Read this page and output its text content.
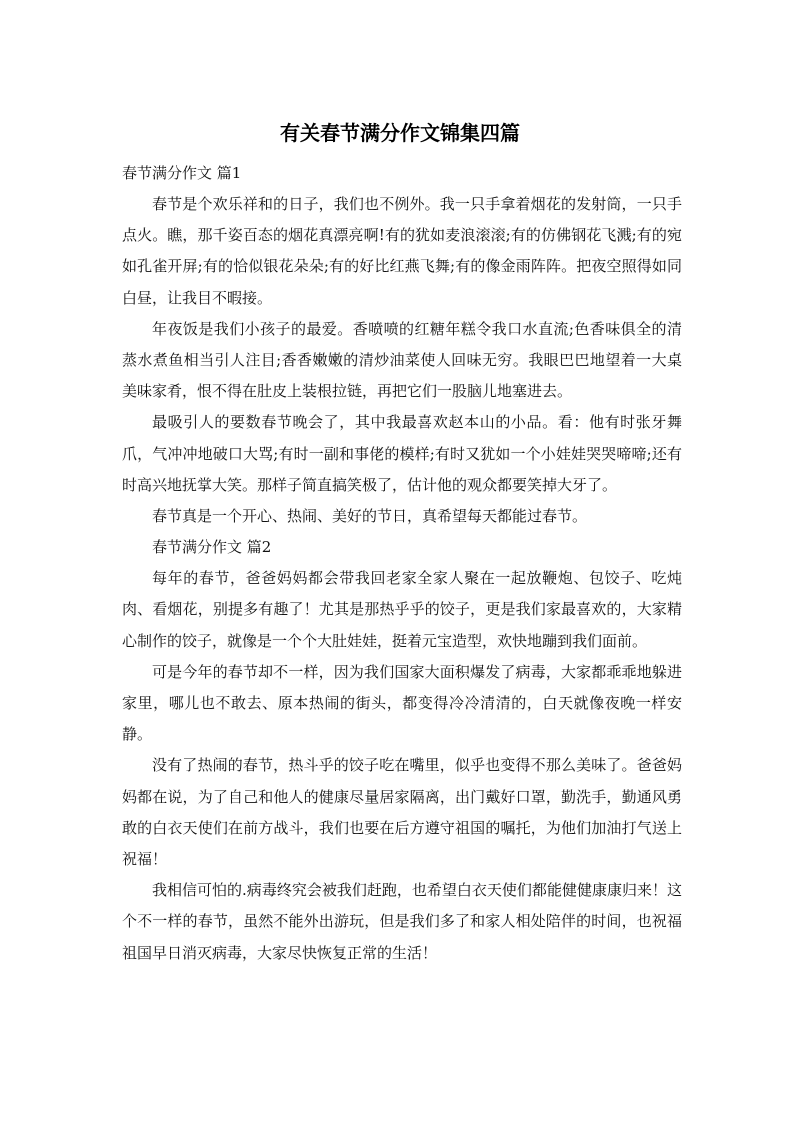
有关春节满分作文锦集四篇

春节满分作文 篇1

春节是个欢乐祥和的日子，我们也不例外。我一只手拿着烟花的发射筒，一只手点火。瞧，那千姿百态的烟花真漂亮啊!有的犹如麦浪滚滚;有的仿佛钢花飞溅;有的宛如孔雀开屏;有的恰似银花朵朵;有的好比红燕飞舞;有的像金雨阵阵。把夜空照得如同白昼，让我目不暇接。

年夜饭是我们小孩子的最爱。香喷喷的红糖年糕令我口水直流;色香味俱全的清蒸水煮鱼相当引人注目;香香嫩嫩的清炒油菜使人回味无穷。我眼巴巴地望着一大桌美味家肴，恨不得在肚皮上装根拉链，再把它们一股脑儿地塞进去。

最吸引人的要数春节晚会了，其中我最喜欢赵本山的小品。看：他有时张牙舞爪，气冲冲地破口大骂;有时一副和事佬的模样;有时又犹如一个小娃娃哭哭啼啼;还有时高兴地抚掌大笑。那样子简直搞笑极了，估计他的观众都要笑掉大牙了。

春节真是一个开心、热闹、美好的节日，真希望每天都能过春节。

春节满分作文 篇2

每年的春节，爸爸妈妈都会带我回老家全家人聚在一起放鞭炮、包饺子、吃炖肉、看烟花，别提多有趣了！尤其是那热乎乎的饺子，更是我们家最喜欢的，大家精心制作的饺子，就像是一个个大肚娃娃，挺着元宝造型，欢快地蹦到我们面前。

可是今年的春节却不一样，因为我们国家大面积爆发了病毒，大家都乖乖地躲进家里，哪儿也不敢去、原本热闹的街头，都变得冷冷清清的，白天就像夜晚一样安静。

没有了热闹的春节，热斗乎的饺子吃在嘴里，似乎也变得不那么美味了。爸爸妈妈都在说，为了自己和他人的健康尽量居家隔离，出门戴好口罩，勤洗手，勤通风勇敢的白衣天使们在前方战斗，我们也要在后方遵守祖国的嘱托，为他们加油打气送上祝福！

我相信可怕的.病毒终究会被我们赶跑，也希望白衣天使们都能健健康康归来！这个不一样的春节，虽然不能外出游玩，但是我们多了和家人相处陪伴的时间，也祝福祖国早日消灭病毒，大家尽快恢复正常的生活！
